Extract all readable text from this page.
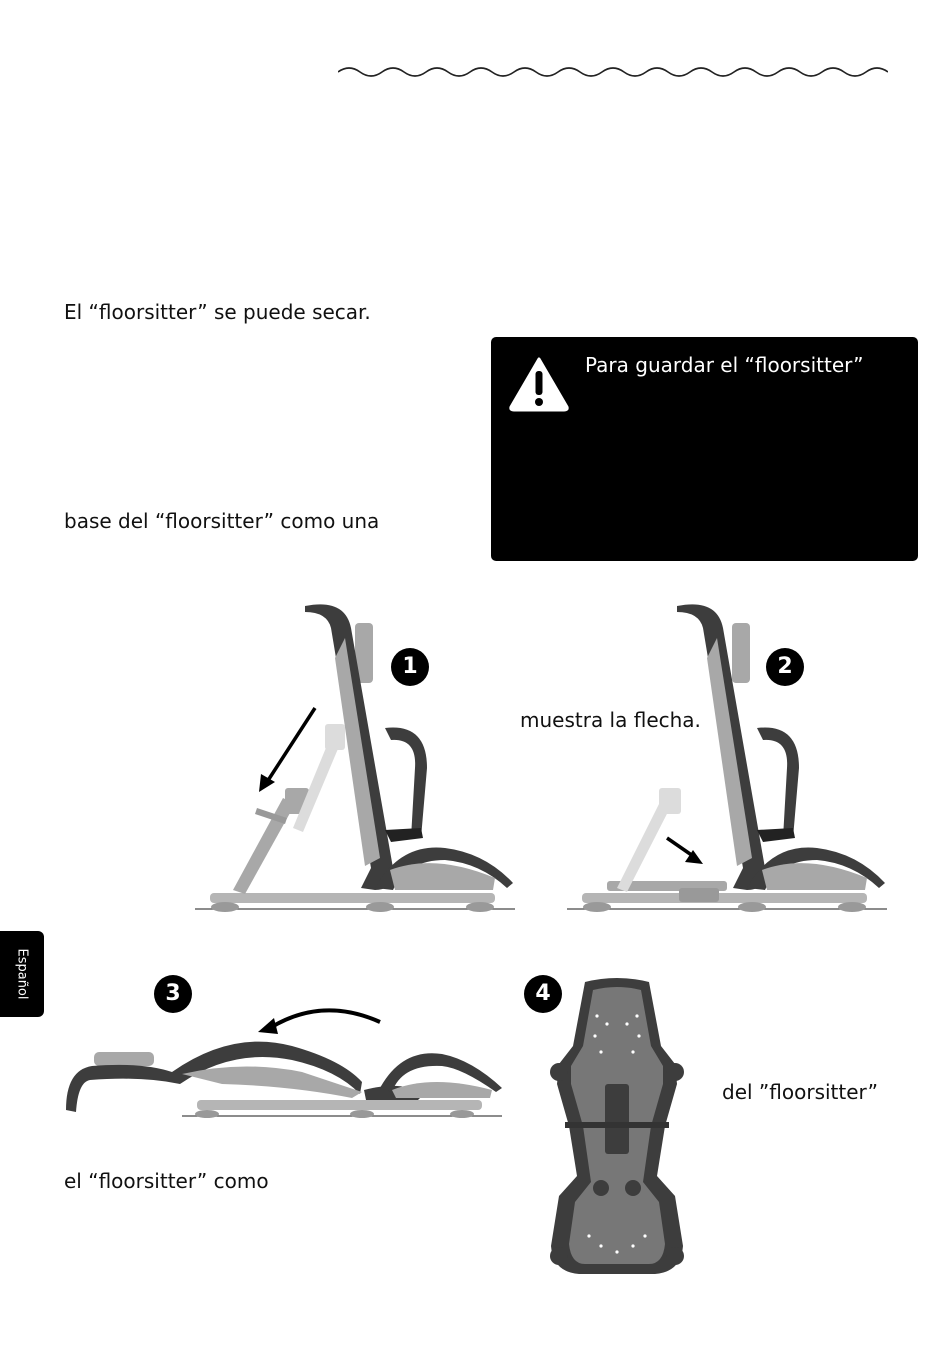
El “floorsitter” se puede secar.
Para guardar el “floorsitter”
base del “floorsitter” como una
muestra la flecha.
el “floorsitter” como
del ”floorsitter”
1	2
3	4
Español
